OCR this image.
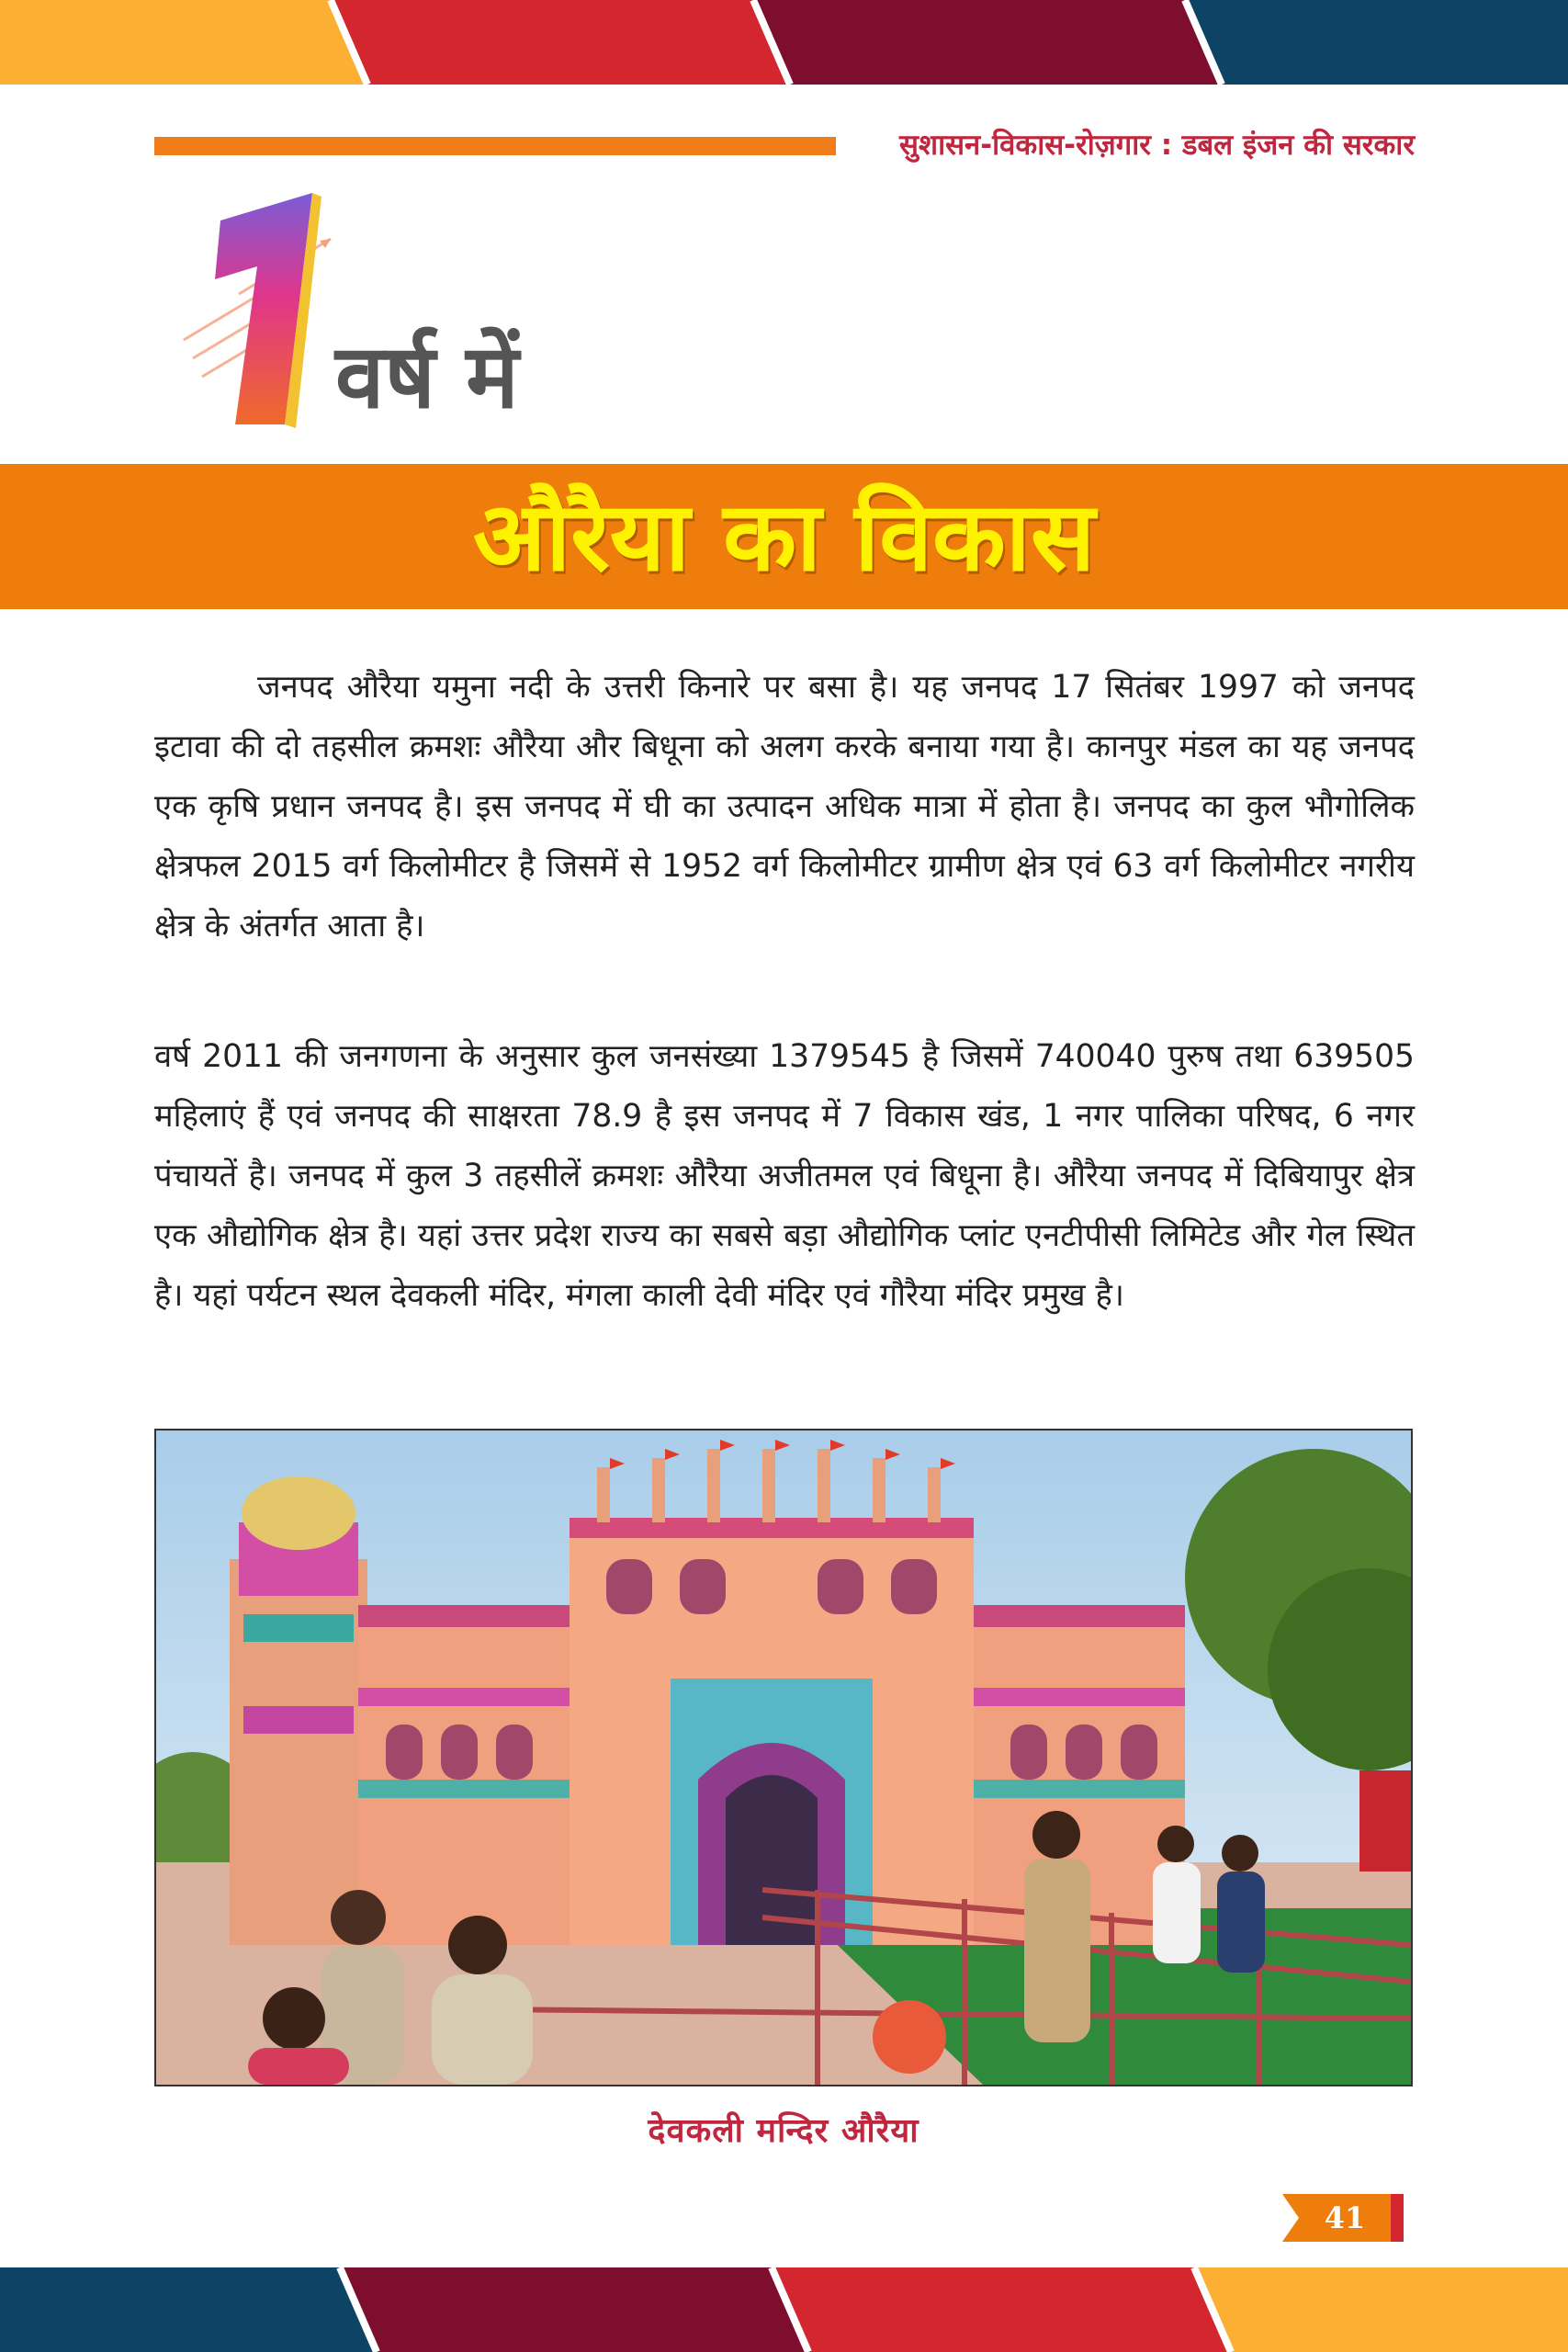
सुशासन-विकास-रोज़गार : डबल इंजन की सरकार
वर्ष में
औरैया का विकास

जनपद औरैया यमुना नदी के उत्तरी किनारे पर बसा है। यह जनपद 17 सितंबर 1997 को जनपद इटावा की दो तहसील क्रमशः औरैया और बिधूना को अलग करके बनाया गया है। कानपुर मंडल का यह जनपद एक कृषि प्रधान जनपद है। इस जनपद में घी का उत्पादन अधिक मात्रा में होता है। जनपद का कुल भौगोलिक क्षेत्रफल 2015 वर्ग किलोमीटर है जिसमें से 1952 वर्ग किलोमीटर ग्रामीण क्षेत्र एवं 63 वर्ग किलोमीटर नगरीय क्षेत्र के अंतर्गत आता है।

वर्ष 2011 की जनगणना के अनुसार कुल जनसंख्या 1379545 है जिसमें 740040 पुरुष तथा 639505 महिलाएं हैं एवं जनपद की साक्षरता 78.9 है इस जनपद में 7 विकास खंड, 1 नगर पालिका परिषद, 6 नगर पंचायतें है। जनपद में कुल 3 तहसीलें क्रमशः औरैया अजीतमल एवं बिधूना है। औरैया जनपद में दिबियापुर क्षेत्र एक औद्योगिक क्षेत्र है। यहां उत्तर प्रदेश राज्य का सबसे बड़ा औद्योगिक प्लांट एनटीपीसी लिमिटेड और गेल स्थित है। यहां पर्यटन स्थल देवकली मंदिर, मंगला काली देवी मंदिर एवं गौरैया मंदिर प्रमुख है।

देवकली मन्दिर औरैया
41
